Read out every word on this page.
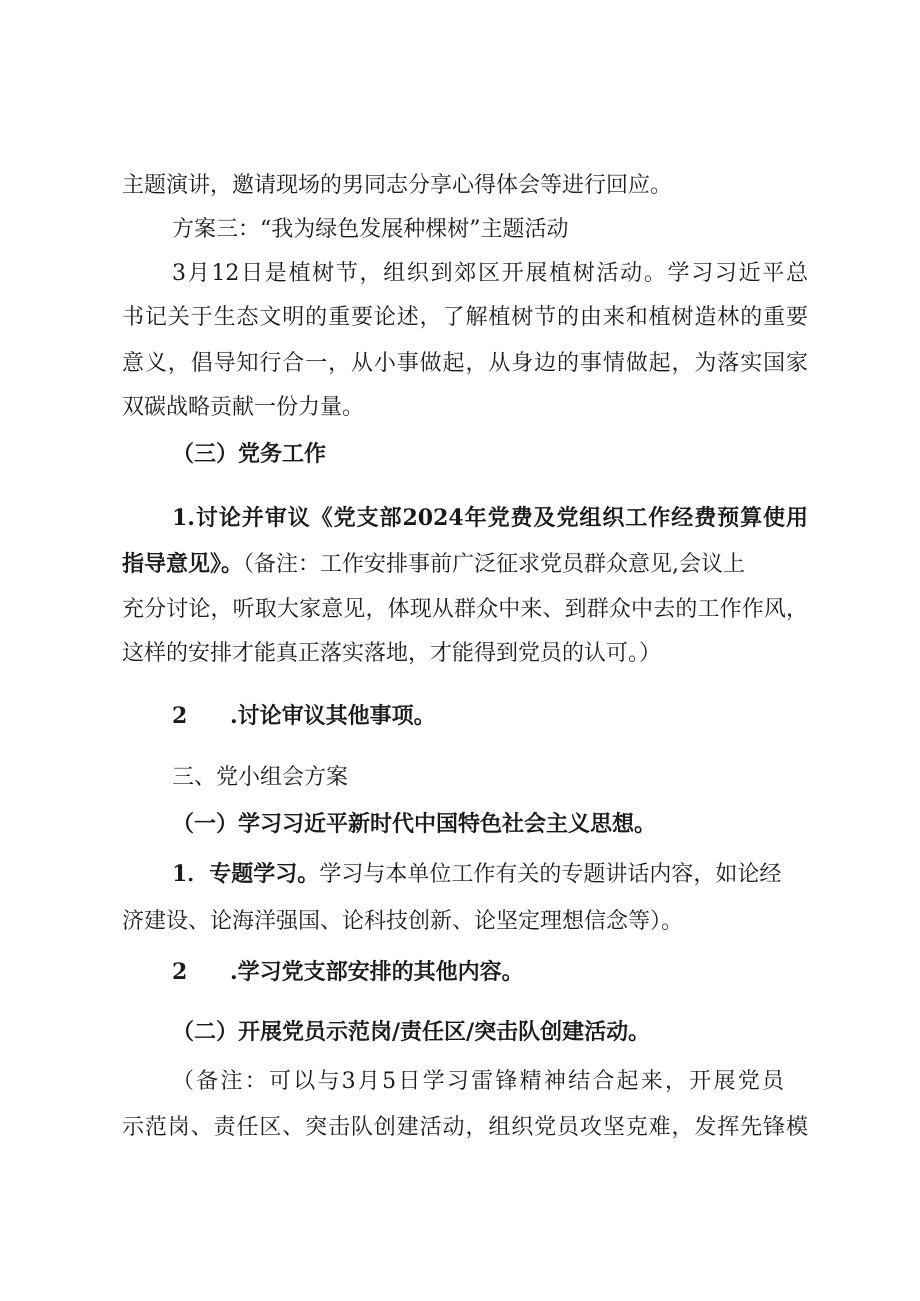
主题演讲，邀请现场的男同志分享心得体会等进行回应。
方案三：“我为绿色发展种棵树”主题活动
3月12日是植树节，组织到郊区开展植树活动。学习习近平总
书记关于生态文明的重要论述，了解植树节的由来和植树造林的重要
意义，倡导知行合一，从小事做起，从身边的事情做起，为落实国家
双碳战略贡献一份力量。
（三）党务工作
1.讨论并审议《党支部2024年党费及党组织工作经费预算使用
指导意见》。（备注：工作安排事前广泛征求党员群众意见,会议上
充分讨论，听取大家意见，体现从群众中来、到群众中去的工作作风，
这样的安排才能真正落实落地，才能得到党员的认可。）
2 .讨论审议其他事项。
三、党小组会方案
（一）学习习近平新时代中国特色社会主义思想。
1．专题学习。学习与本单位工作有关的专题讲话内容，如论经
济建设、论海洋强国、论科技创新、论坚定理想信念等）。
2 .学习党支部安排的其他内容。
（二）开展党员示范岗/责任区/突击队创建活动。
（备注：可以与3月5日学习雷锋精神结合起来，开展党员
示范岗、责任区、突击队创建活动，组织党员攻坚克难，发挥先锋模
